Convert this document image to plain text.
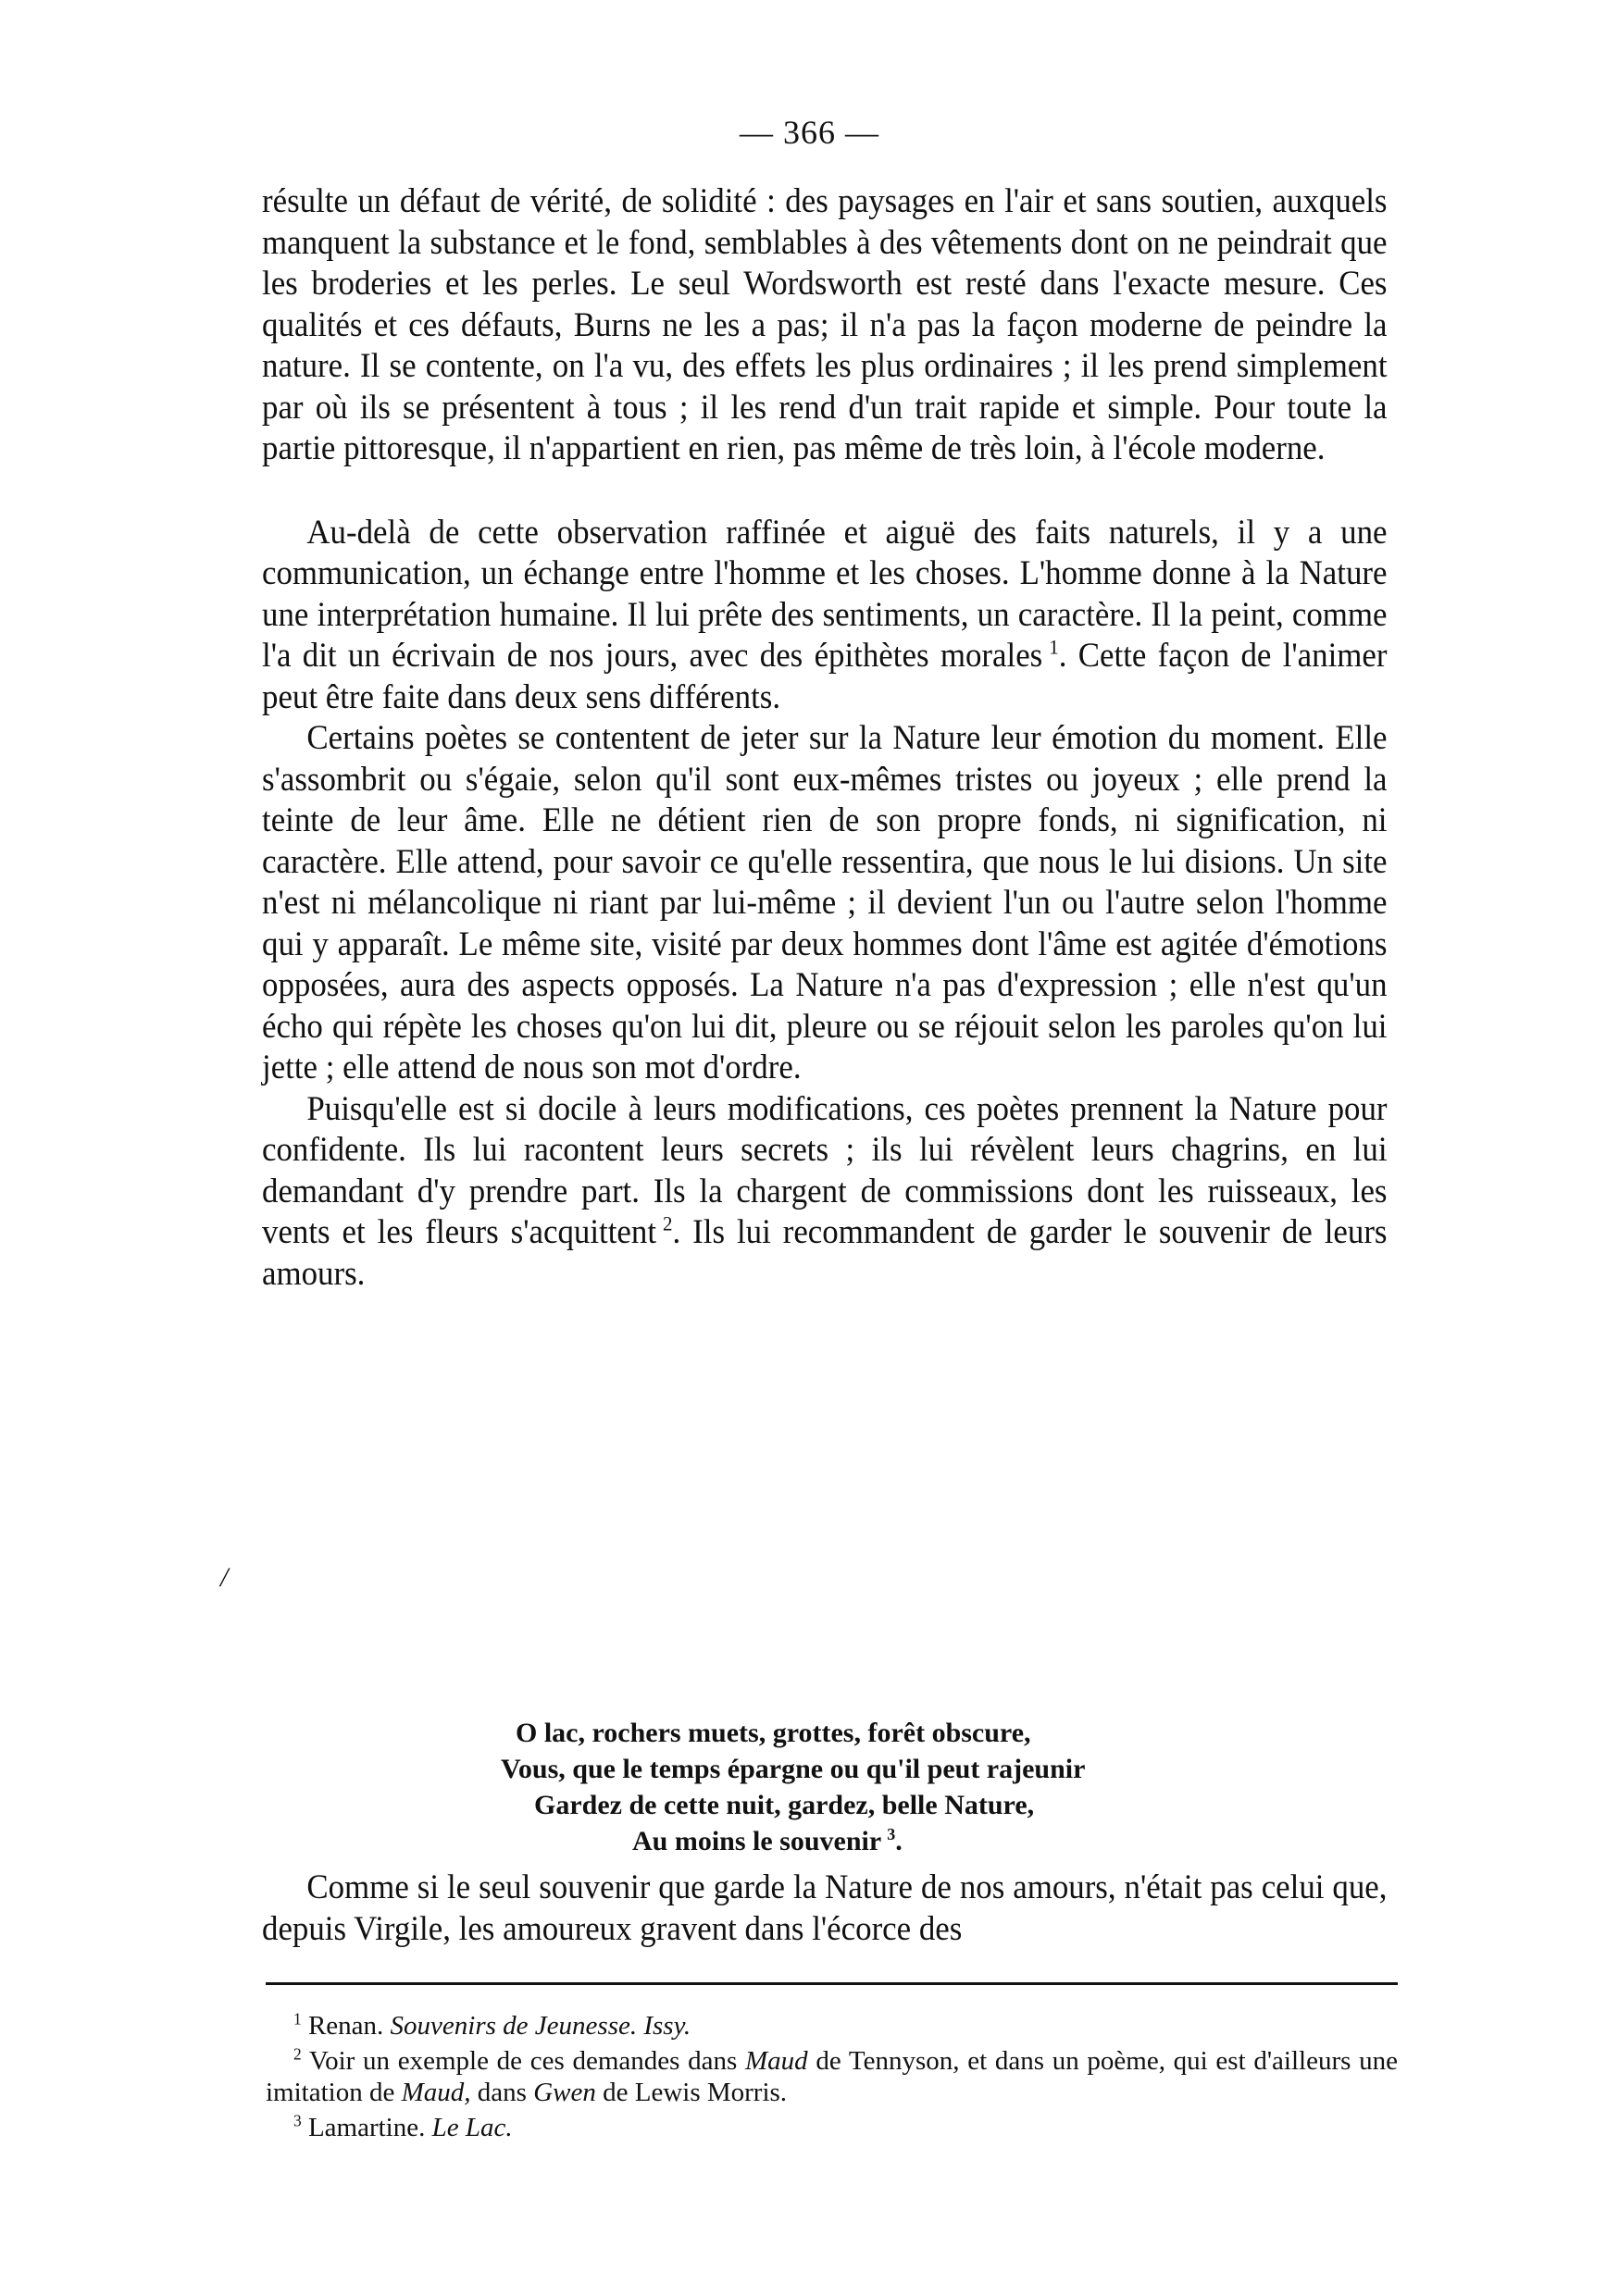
— 366 —

résulte un défaut de vérité, de solidité : des paysages en l'air et sans soutien, auxquels manquent la substance et le fond, semblables à des vêtements dont on ne peindrait que les broderies et les perles. Le seul Wordsworth est resté dans l'exacte mesure. Ces qualités et ces défauts, Burns ne les a pas; il n'a pas la façon moderne de peindre la nature. Il se contente, on l'a vu, des effets les plus ordinaires ; il les prend simplement par où ils se présentent à tous ; il les rend d'un trait rapide et simple. Pour toute la partie pittoresque, il n'appartient en rien, pas même de très loin, à l'école moderne.

Au-delà de cette observation raffinée et aiguë des faits naturels, il y a une communication, un échange entre l'homme et les choses. L'homme donne à la Nature une interprétation humaine. Il lui prête des sentiments, un caractère. Il la peint, comme l'a dit un écrivain de nos jours, avec des épithètes morales  $^1$. Cette façon de l'animer peut être faite dans deux sens différents.

Certains poètes se contentent de jeter sur la Nature leur émotion du moment. Elle s'assombrit ou s'égaie, selon qu'il sont eux-mêmes tristes ou joyeux ; elle prend la teinte de leur âme. Elle ne détient rien de son propre fonds, ni signification, ni caractère. Elle attend, pour savoir ce qu'elle ressentira, que nous le lui disions. Un site n'est ni mélancolique ni riant par lui-même ; il devient l'un ou l'autre selon l'homme qui y apparaît. Le même site, visité par deux hommes dont l'âme est agitée d'émotions opposées, aura des aspects opposés. La Nature n'a pas d'expression ; elle n'est qu'un écho qui répète les choses qu'on lui dit, pleure ou se réjouit selon les paroles qu'on lui jette ; elle attend de nous son mot d'ordre.

Puisqu'elle est si docile à leurs modifications, ces poètes prennent la Nature pour confidente. Ils lui racontent leurs secrets ; ils lui révèlent leurs chagrins, en lui demandant d'y prendre part. Ils la chargent de commissions dont les ruisseaux, les vents et les fleurs s'acquittent  $^2$. Ils lui recommandent de garder le souvenir de leurs amours.

/
O lac, rochers muets, grottes, forêt obscure,
Vous, que le temps épargne ou qu'il peut rajeunir
Gardez de cette nuit, gardez, belle Nature,
Au moins le souvenir  $^3$.

Comme si le seul souvenir que garde la Nature de nos amours, n'était pas celui que, depuis Virgile, les amoureux gravent dans l'écorce des

$^1$ Renan. Souvenirs de Jeunesse. Issy.

$^2$ Voir un exemple de ces demandes dans Maud de Tennyson, et dans un poème, qui est d'ailleurs une imitation de Maud, dans Gwen de Lewis Morris.

$^3$ Lamartine. Le Lac.
